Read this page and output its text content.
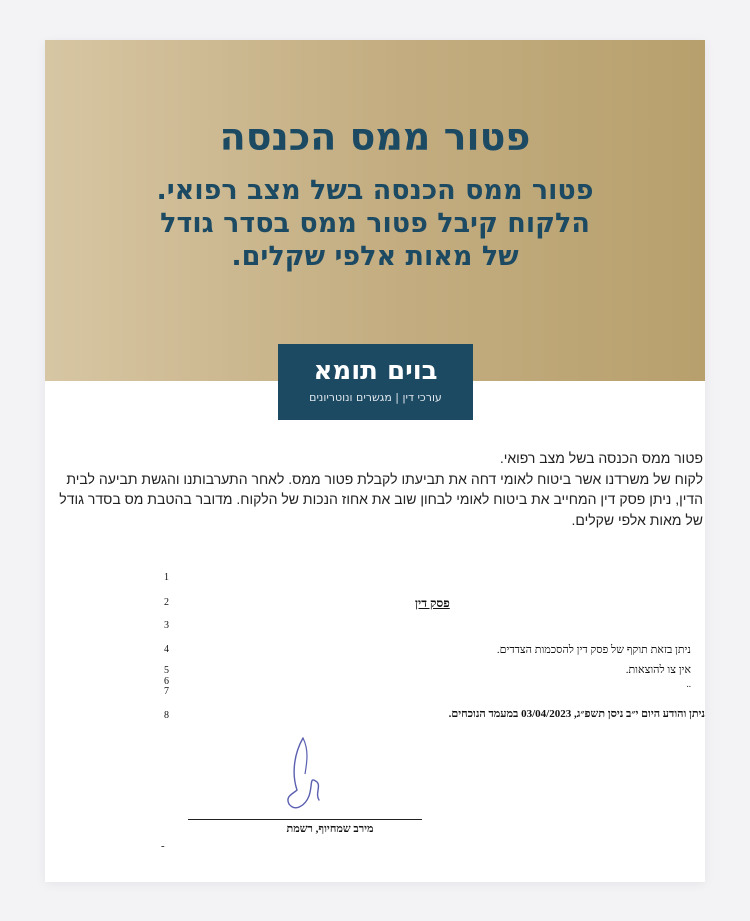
פטור ממס הכנסה
פטור ממס הכנסה בשל מצב רפואי.
הלקוח קיבל פטור ממס בסדר גודל
של מאות אלפי שקלים.
בוים תומא
עורכי דין | מגשרים ונוטריונים

פטור ממס הכנסה בשל מצב רפואי.

לקוח של משרדנו אשר ביטוח לאומי דחה את תביעתו לקבלת פטור ממס. לאחר התערבותנו והגשת תביעה לבית הדין, ניתן פסק דין המחייב את ביטוח לאומי לבחון שוב את אחוז הנכות של הלקוח. מדובר בהטבת מס בסדר גודל של מאות אלפי שקלים.

1
2
3
4
5
6
7
8
פסק דין
ניתן בזאת תוקף של פסק דין להסכמות הצדדים.
אין צו להוצאות.
..
ניתן והודע היום י״ב ניסן תשפ״ג, 03/04/2023 במעמד הנוכחים.
מירב שמחיוף, רשמת
-
